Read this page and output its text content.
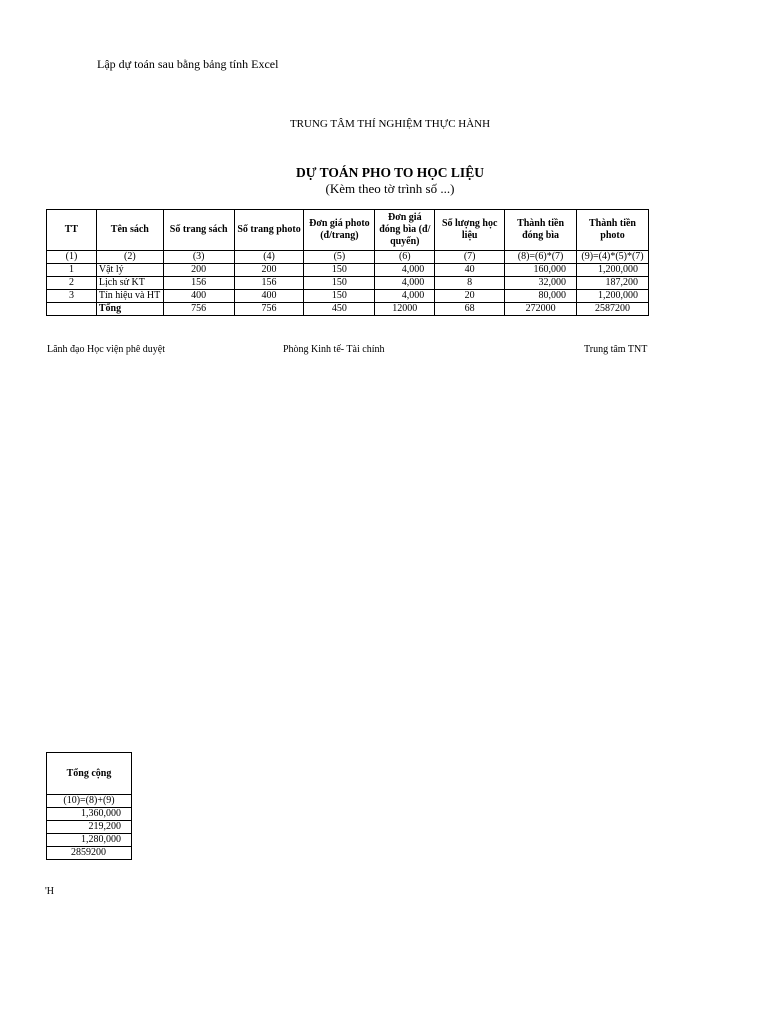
Lập dự toán sau bằng bảng tính Excel
TRUNG TÂM THÍ NGHIỆM THỰC HÀNH
DỰ TOÁN PHO TO HỌC LIỆU
(Kèm theo tờ trình số ...)
TT	Tên sách	Số trang sách	Số trang photo	Đơn giá photo (đ/trang)	Đơn giá đóng bìa (đ/ quyển)	Số lượng học liệu	Thành tiền đóng bìa	Thành tiền photo
(1)	(2)	(3)	(4)	(5)	(6)	(7)	(8)=(6)*(7)	(9)=(4)*(5)*(7)
1	Vật lý	200	200	150	4,000	40	160,000	1,200,000
2	Lịch sử KT	156	156	150	4,000	8	32,000	187,200
3	Tín hiệu và HT	400	400	150	4,000	20	80,000	1,200,000
	Tổng	756	756	450	12000	68	272000	2587200
Lãnh đạo Học viện phê duyệt	Phòng Kinh tế- Tài chính	Trung tâm TNT
Tổng cộng
(10)=(8)+(9)
1,360,000
219,200
1,280,000
2859200
'H
